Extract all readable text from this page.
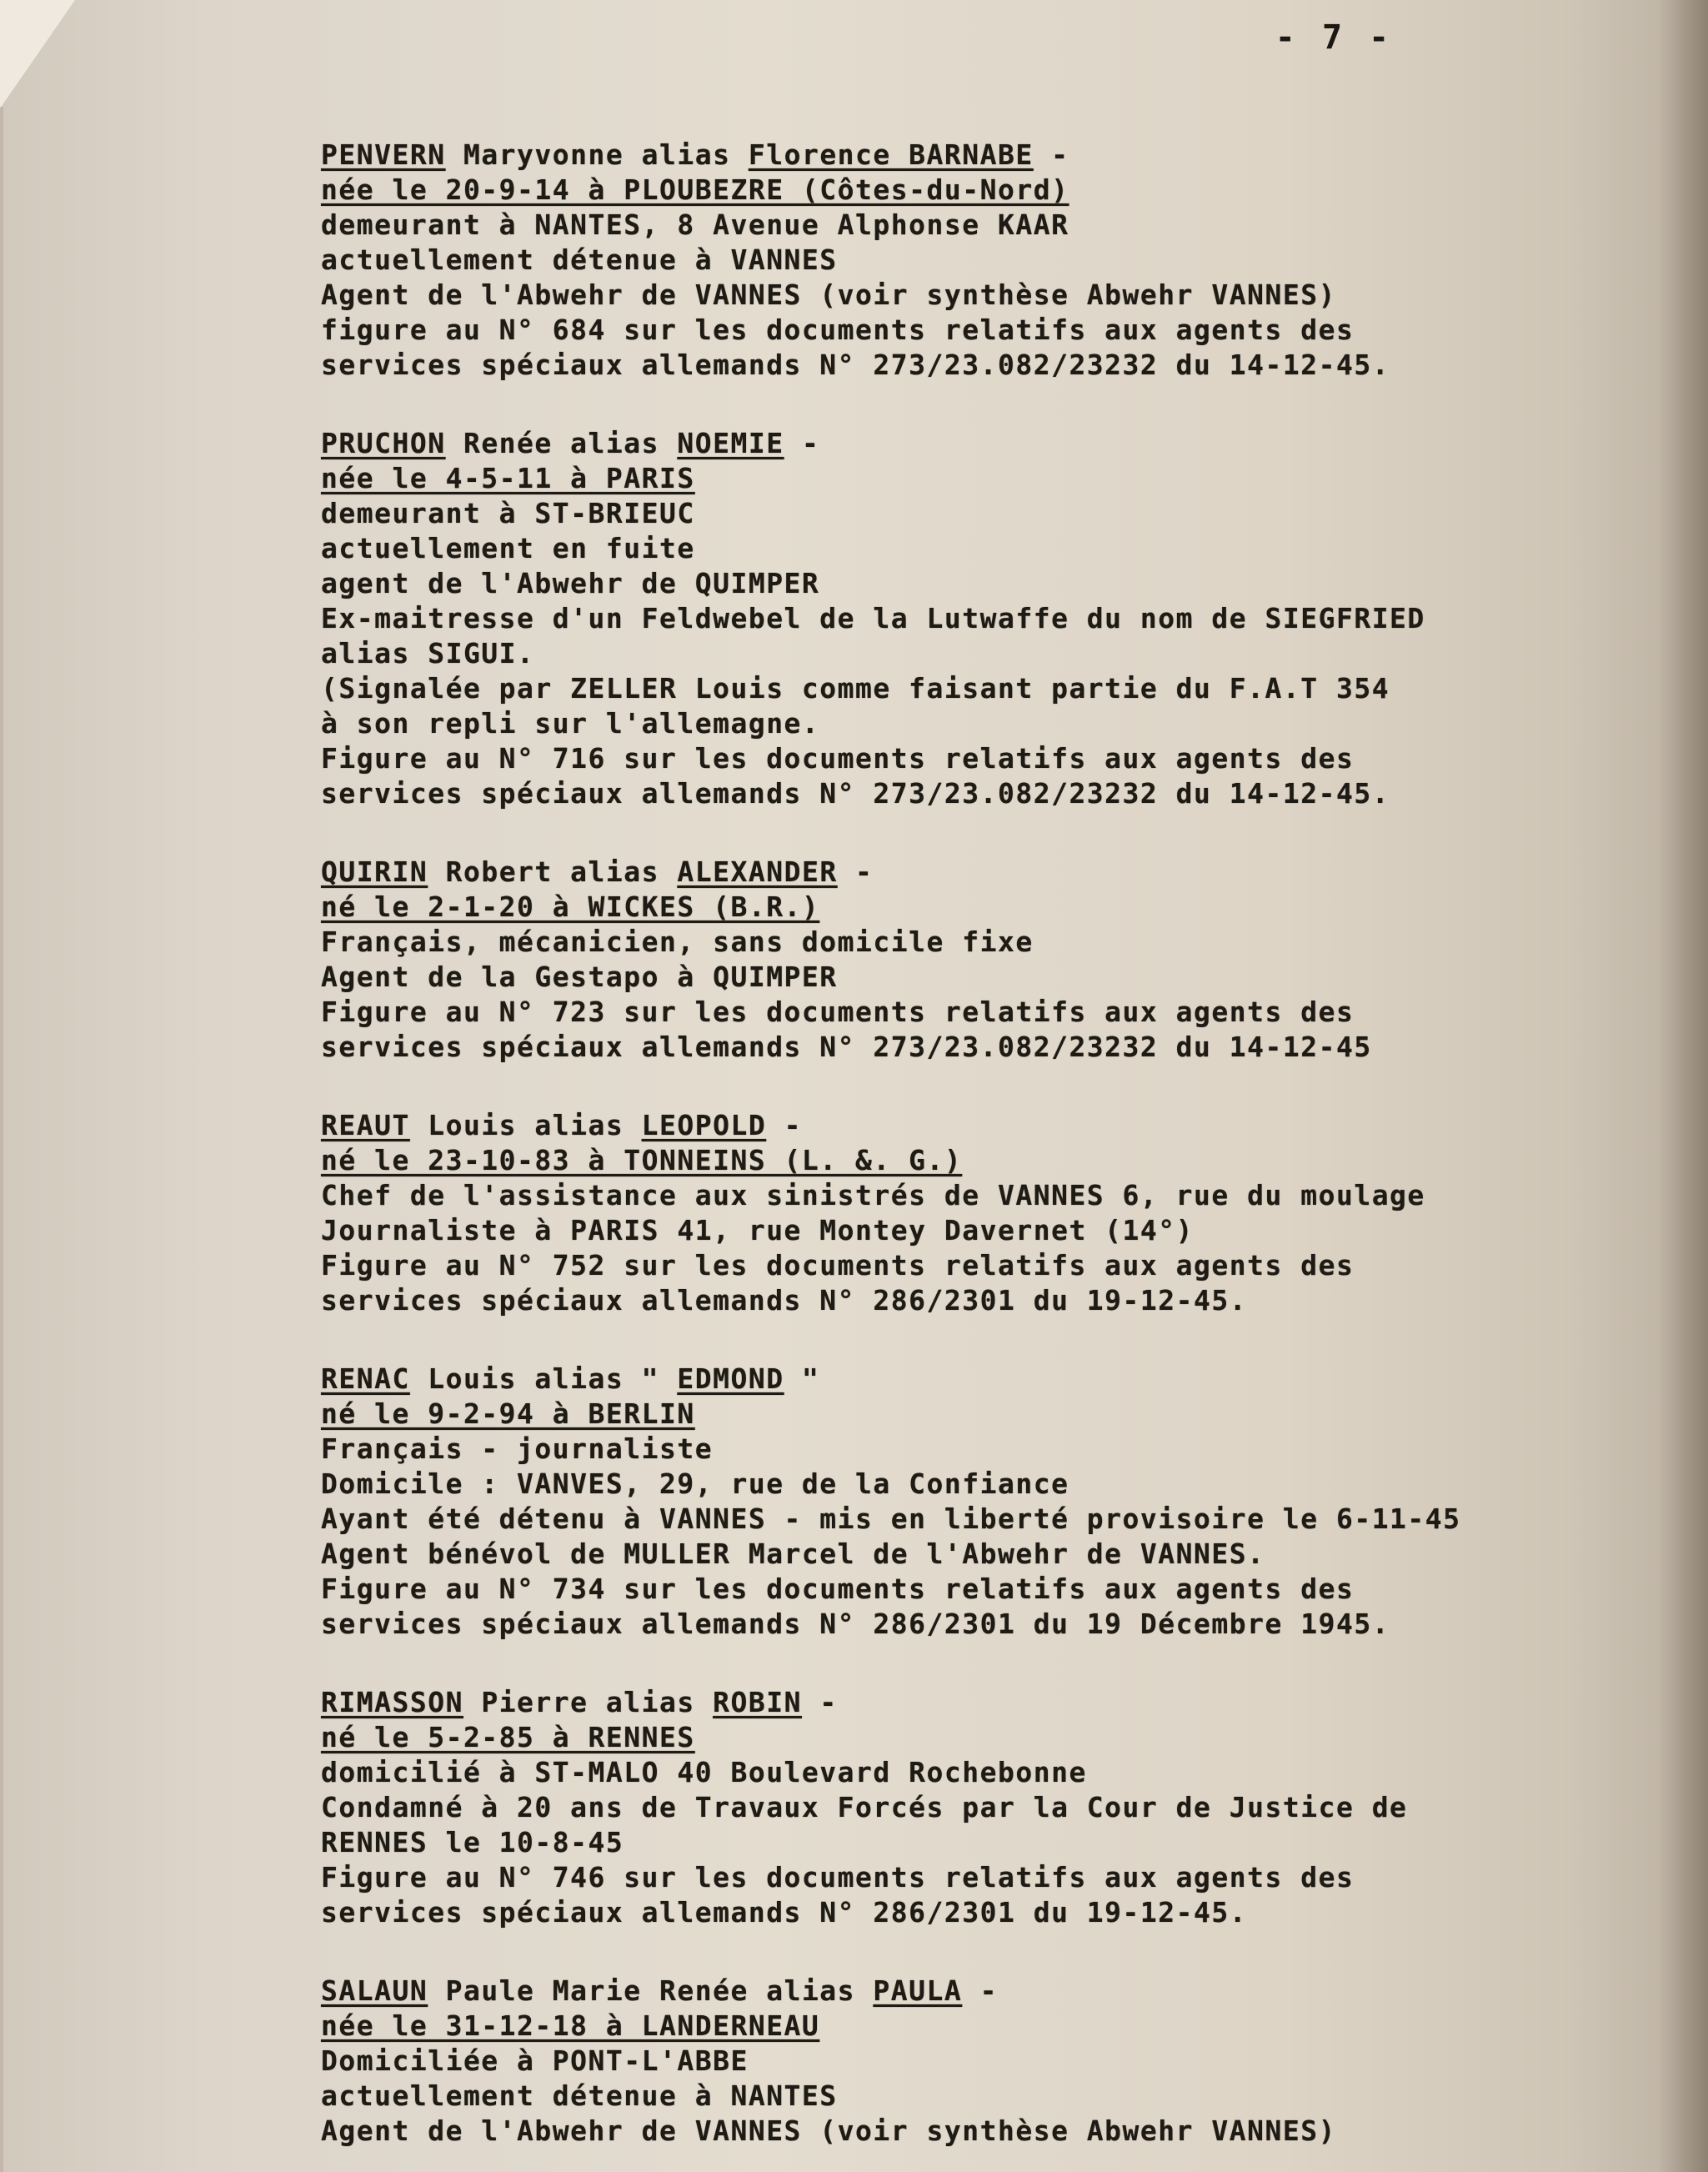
- 7 -
PENVERN Maryvonne alias Florence BARNABE -
née le 20-9-14 à PLOUBEZRE (Côtes-du-Nord)
demeurant à NANTES, 8 Avenue Alphonse KAAR
actuellement détenue à VANNES
Agent de l'Abwehr de VANNES (voir synthèse Abwehr VANNES)
figure au N° 684 sur les documents relatifs aux agents des
services spéciaux allemands N° 273/23.082/23232 du 14-12-45.
PRUCHON Renée alias NOEMIE -
née le 4-5-11 à PARIS
demeurant à ST-BRIEUC
actuellement en fuite
agent de l'Abwehr de QUIMPER
Ex-maitresse d'un Feldwebel de la Lutwaffe du nom de SIEGFRIED
alias SIGUI.
(Signalée par ZELLER Louis comme faisant partie du F.A.T 354
à son repli sur l'allemagne.
Figure au N° 716 sur les documents relatifs aux agents des
services spéciaux allemands N° 273/23.082/23232 du 14-12-45.
QUIRIN Robert alias ALEXANDER -
né le 2-1-20 à WICKES (B.R.)
Français, mécanicien, sans domicile fixe
Agent de la Gestapo à QUIMPER
Figure au N° 723 sur les documents relatifs aux agents des
services spéciaux allemands N° 273/23.082/23232 du 14-12-45
REAUT Louis alias LEOPOLD -
né le 23-10-83 à TONNEINS (L. &. G.)
Chef de l'assistance aux sinistrés de VANNES 6, rue du moulage
Journaliste à PARIS 41, rue Montey Davernet (14°)
Figure au N° 752 sur les documents relatifs aux agents des
services spéciaux allemands N° 286/2301 du 19-12-45.
RENAC Louis alias " EDMOND "
né le 9-2-94 à BERLIN
Français - journaliste
Domicile : VANVES, 29, rue de la Confiance
Ayant été détenu à VANNES - mis en liberté provisoire le 6-11-45
Agent bénévol de MULLER Marcel de l'Abwehr de VANNES.
Figure au N° 734 sur les documents relatifs aux agents des
services spéciaux allemands N° 286/2301 du 19 Décembre 1945.
RIMASSON Pierre alias ROBIN -
né le 5-2-85 à RENNES
domicilié à ST-MALO 40 Boulevard Rochebonne
Condamné à 20 ans de Travaux Forcés par la Cour de Justice de
RENNES le 10-8-45
Figure au N° 746 sur les documents relatifs aux agents des
services spéciaux allemands N° 286/2301 du 19-12-45.
SALAUN Paule Marie Renée alias PAULA -
née le 31-12-18 à LANDERNEAU
Domiciliée à PONT-L'ABBE
actuellement détenue à NANTES
Agent de l'Abwehr de VANNES (voir synthèse Abwehr VANNES)
